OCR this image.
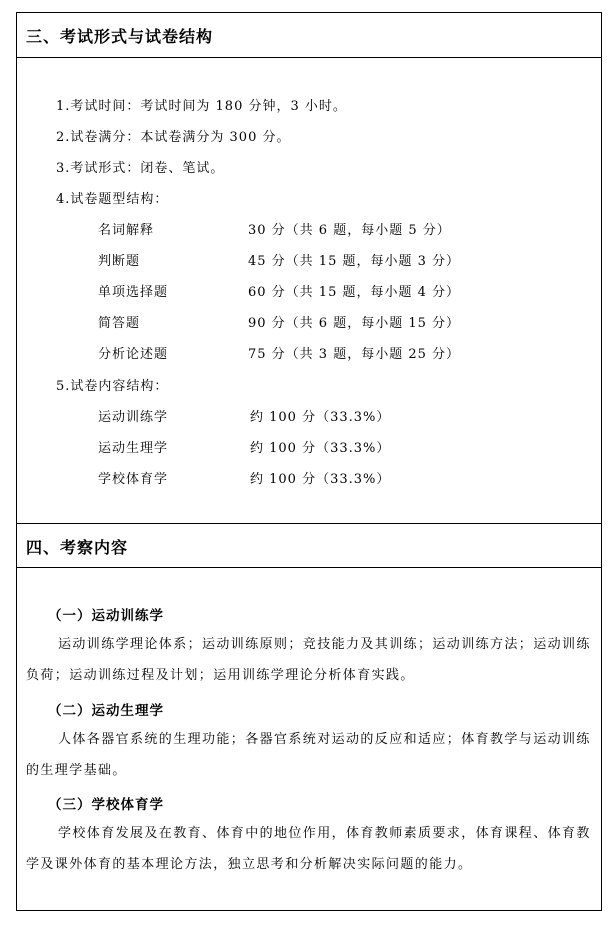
三、考试形式与试卷结构
1.考试时间：考试时间为 180 分钟，3 小时。
2.试卷满分：本试卷满分为 300 分。
3.考试形式：闭卷、笔试。
4.试卷题型结构：
名词解释	30 分（共 6 题，每小题 5 分）
判断题	45 分（共 15 题，每小题 3 分）
单项选择题	60 分（共 15 题，每小题 4 分）
简答题	90 分（共 6 题，每小题 15 分）
分析论述题	75 分（共 3 题，每小题 25 分）
5.试卷内容结构：
运动训练学	约 100 分（33.3%）
运动生理学	约 100 分（33.3%）
学校体育学	约 100 分（33.3%）
四、考察内容
（一）运动训练学
运动训练学理论体系；运动训练原则；竞技能力及其训练；运动训练方法；运动训练负荷；运动训练过程及计划；运用训练学理论分析体育实践。
（二）运动生理学
人体各器官系统的生理功能；各器官系统对运动的反应和适应；体育教学与运动训练的生理学基础。
（三）学校体育学
学校体育发展及在教育、体育中的地位作用，体育教师素质要求，体育课程、体育教学及课外体育的基本理论方法，独立思考和分析解决实际问题的能力。
